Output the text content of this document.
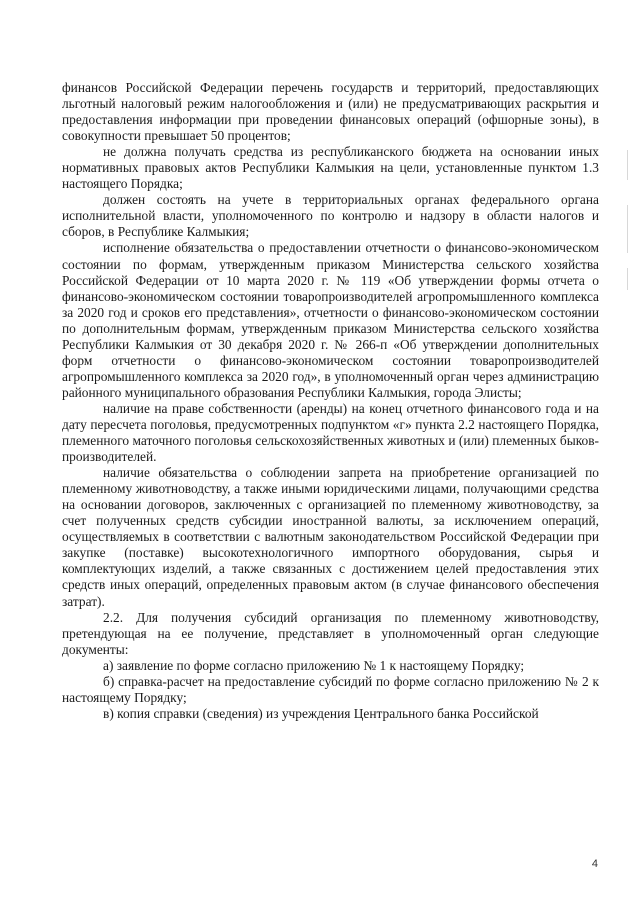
финансов Российской Федерации перечень государств и территорий, предоставляющих льготный налоговый режим налогообложения и (или) не предусматривающих раскрытия и предоставления информации при проведении финансовых операций (офшорные зоны), в совокупности превышает 50 процентов;

не должна получать средства из республиканского бюджета на основании иных нормативных правовых актов Республики Калмыкия на цели, установленные пунктом 1.3 настоящего Порядка;

должен состоять на учете в территориальных органах федерального органа исполнительной власти, уполномоченного по контролю и надзору в области налогов и сборов, в Республике Калмыкия;

исполнение обязательства о предоставлении отчетности о финансово-экономическом состоянии по формам, утвержденным приказом Министерства сельского хозяйства Российской Федерации от 10 марта 2020 г. № 119 «Об утверждении формы отчета о финансово-экономическом состоянии товаропроизводителей агропромышленного комплекса за 2020 год и сроков его представления», отчетности о финансово-экономическом состоянии по дополнительным формам, утвержденным приказом Министерства сельского хозяйства Республики Калмыкия от 30 декабря 2020 г. № 266-п «Об утверждении дополнительных форм отчетности о финансово-экономическом состоянии товаропроизводителей агропромышленного комплекса за 2020 год», в уполномоченный орган через администрацию районного муниципального образования Республики Калмыкия, города Элисты;

наличие на праве собственности (аренды) на конец отчетного финансового года и на дату пересчета поголовья, предусмотренных подпунктом «г» пункта 2.2 настоящего Порядка, племенного маточного поголовья сельскохозяйственных животных и (или) племенных быков-производителей.

наличие обязательства о соблюдении запрета на приобретение организацией по племенному животноводству, а также иными юридическими лицами, получающими средства на основании договоров, заключенных с организацией по племенному животноводству, за счет полученных средств субсидии иностранной валюты, за исключением операций, осуществляемых в соответствии с валютным законодательством Российской Федерации при закупке (поставке) высокотехнологичного импортного оборудования, сырья и комплектующих изделий, а также связанных с достижением целей предоставления этих средств иных операций, определенных правовым актом (в случае финансового обеспечения затрат).

2.2. Для получения субсидий организация по племенному животноводству, претендующая на ее получение, представляет в уполномоченный орган следующие документы:

а) заявление по форме согласно приложению № 1 к настоящему Порядку;

б) справка-расчет на предоставление субсидий по форме согласно приложению № 2 к настоящему Порядку;

в) копия справки (сведения) из учреждения Центрального банка Российской

4
